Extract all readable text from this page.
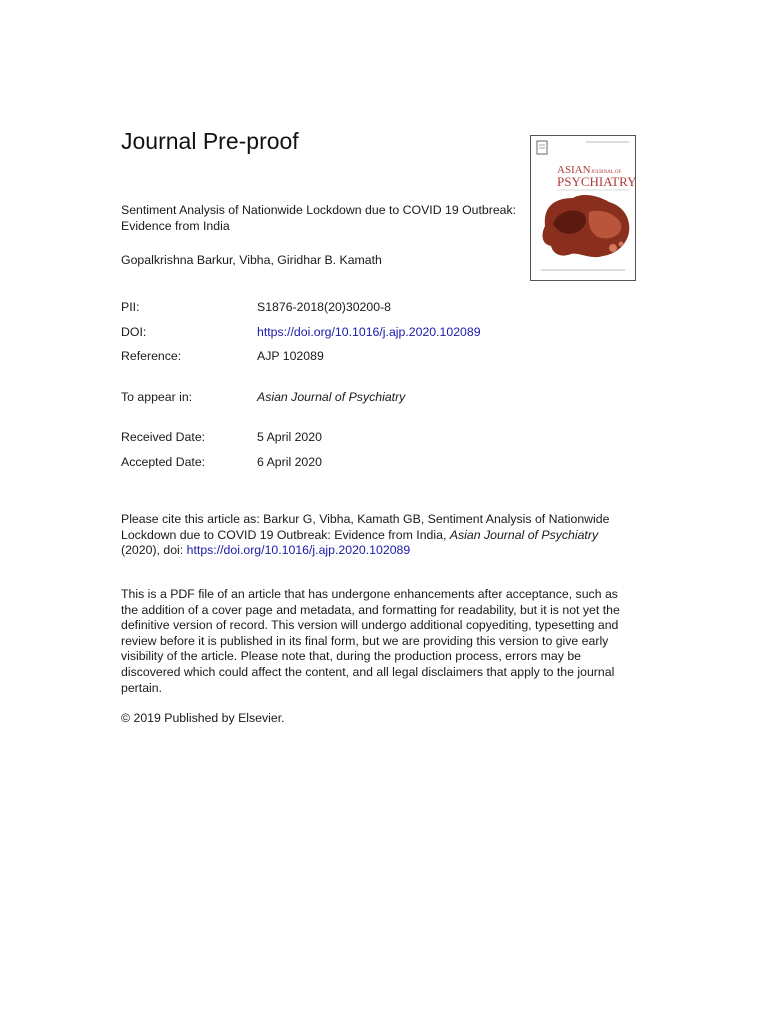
Journal Pre-proof
Sentiment Analysis of Nationwide Lockdown due to COVID 19 Outbreak: Evidence from India
Gopalkrishna Barkur, Vibha, Giridhar B. Kamath
ASIAN JOURNAL OF
PSYCHIATRY
PII:	S1876-2018(20)30200-8
DOI:	https://doi.org/10.1016/j.ajp.2020.102089
Reference:	AJP 102089
To appear in:	Asian Journal of Psychiatry
Received Date:	5 April 2020
Accepted Date:	6 April 2020
Please cite this article as: Barkur G, Vibha, Kamath GB, Sentiment Analysis of Nationwide Lockdown due to COVID 19 Outbreak: Evidence from India, Asian Journal of Psychiatry (2020), doi: https://doi.org/10.1016/j.ajp.2020.102089
This is a PDF file of an article that has undergone enhancements after acceptance, such as the addition of a cover page and metadata, and formatting for readability, but it is not yet the definitive version of record. This version will undergo additional copyediting, typesetting and review before it is published in its final form, but we are providing this version to give early visibility of the article. Please note that, during the production process, errors may be discovered which could affect the content, and all legal disclaimers that apply to the journal pertain.
© 2019 Published by Elsevier.
